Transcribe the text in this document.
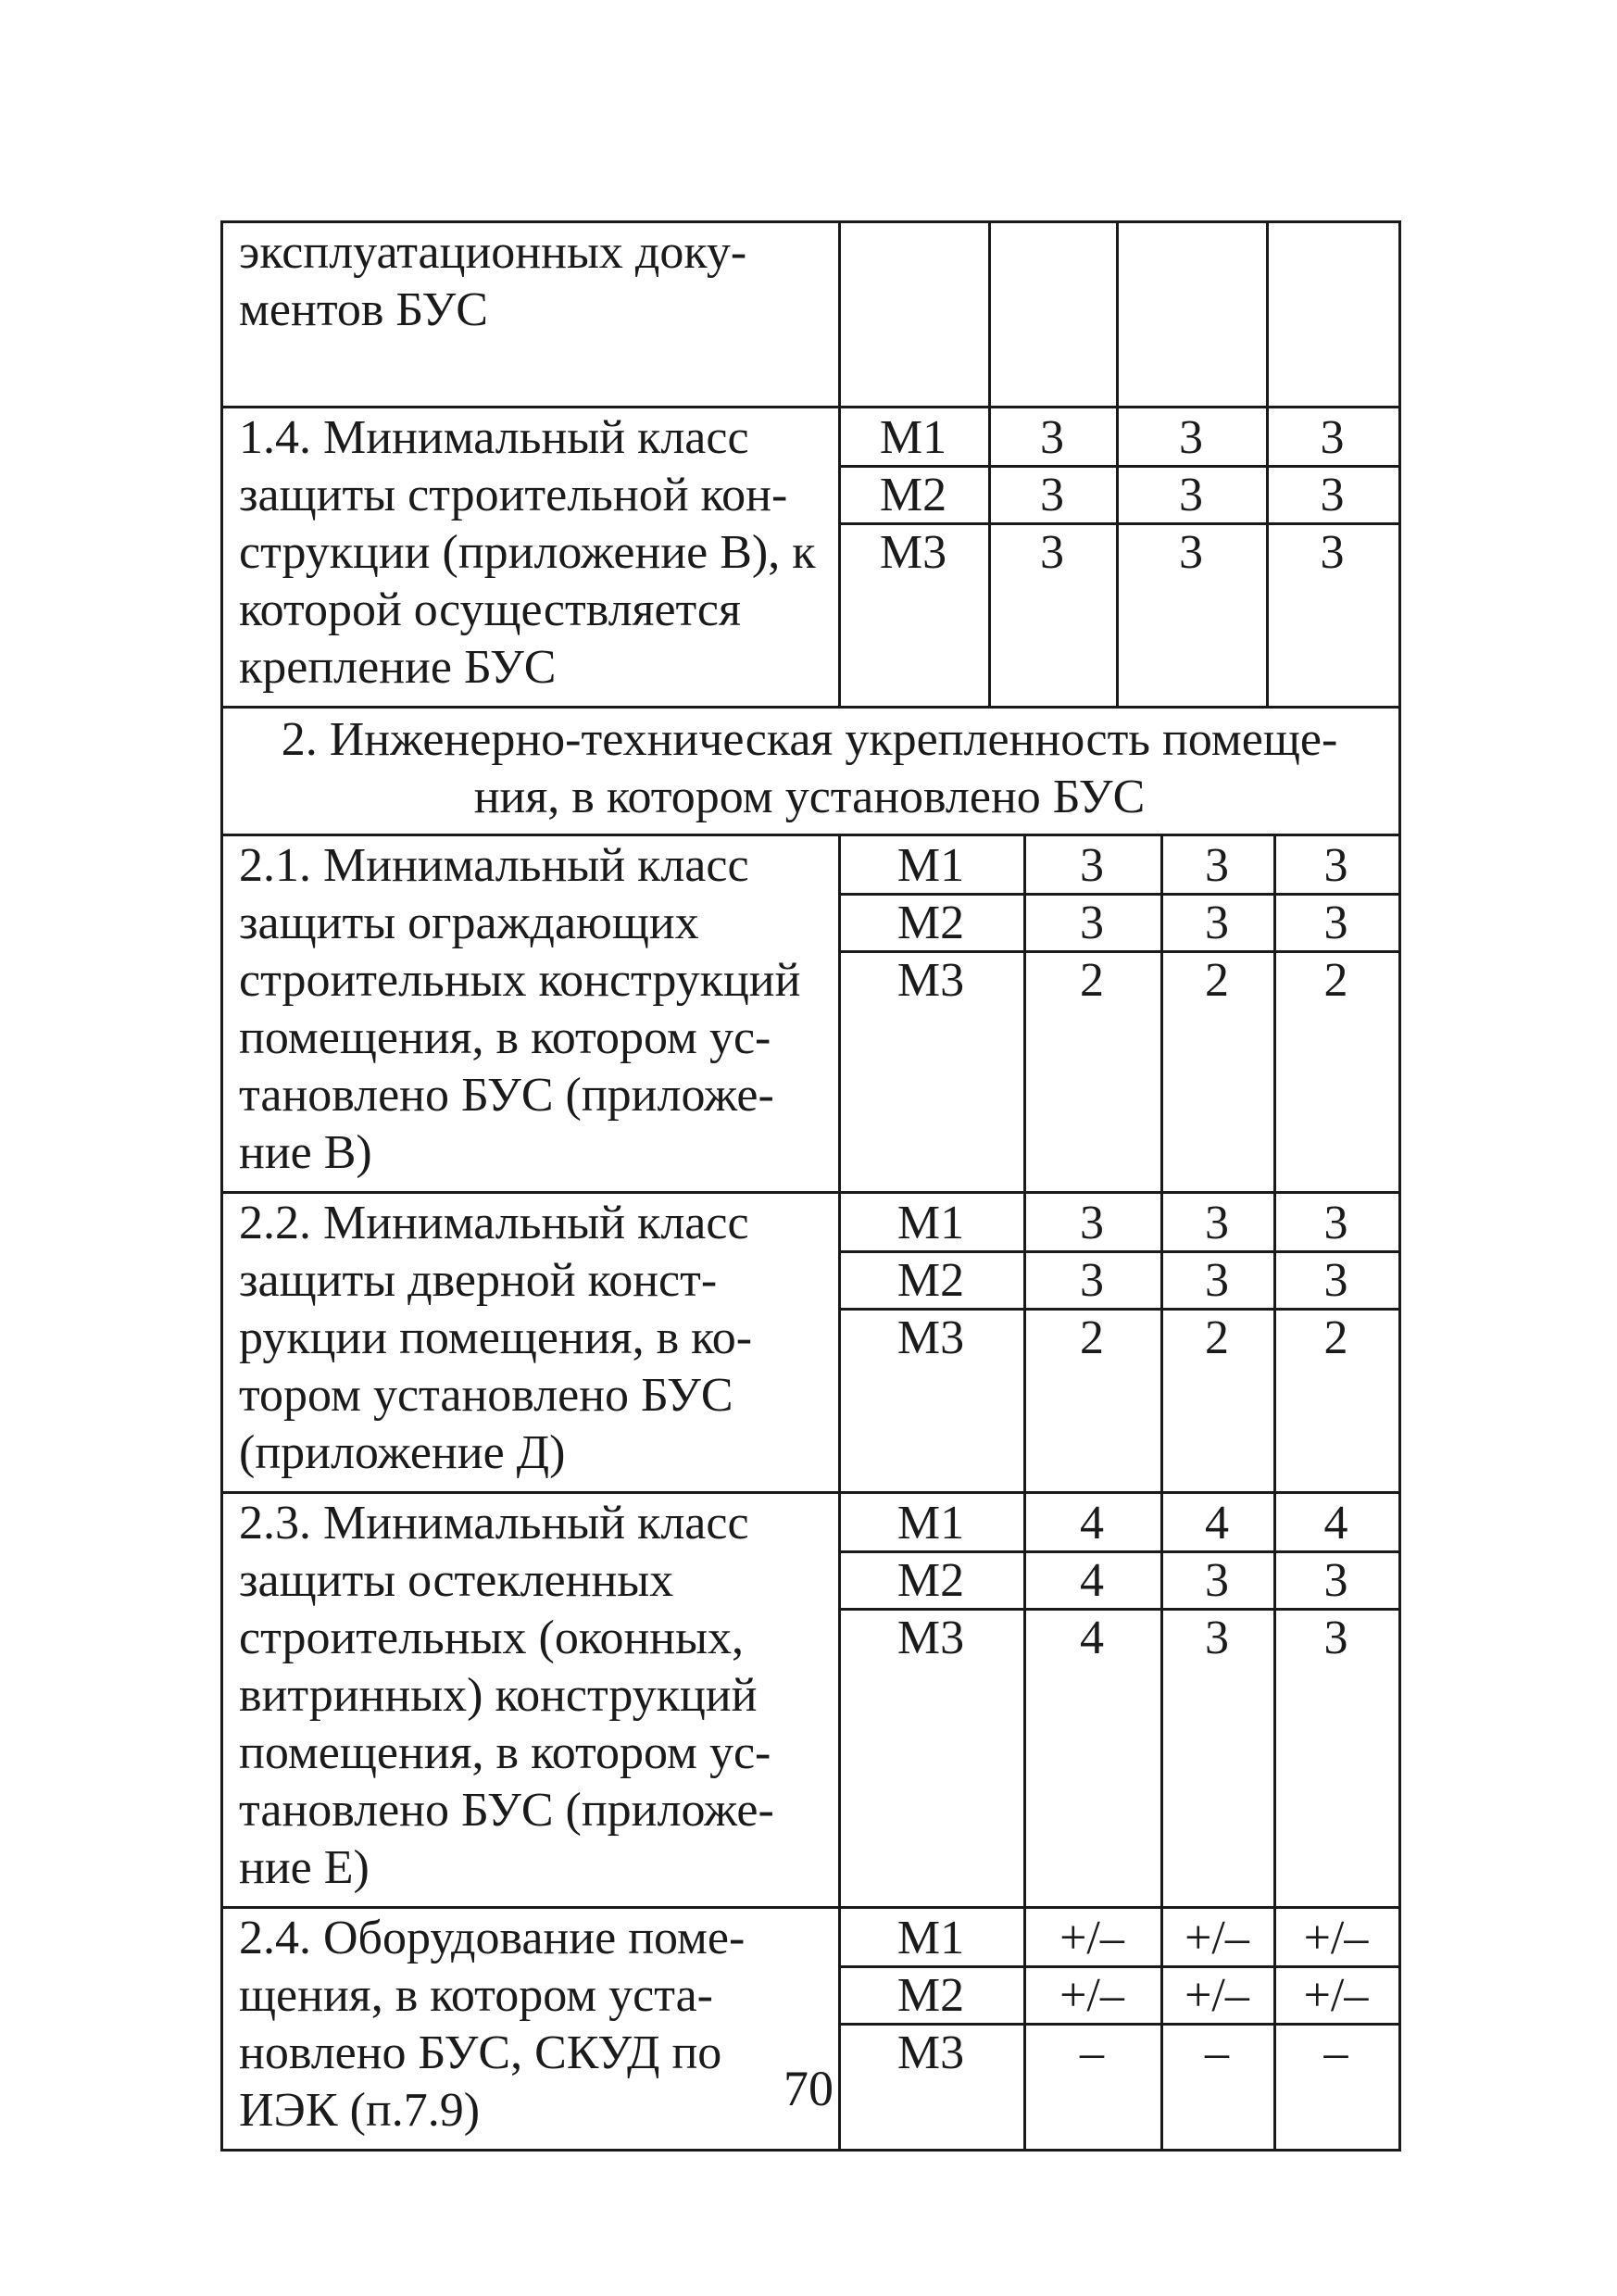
эксплуатационных доку-
ментов БУС
1.4. Минимальный класс
защиты строительной кон-
струкции (приложение В), к
которой осуществляется
крепление БУС
М1	3	3	3
М2	3	3	3
М3	3	3	3
2. Инженерно-техническая укрепленность помеще-
ния, в котором установлено БУС
2.1. Минимальный класс
защиты ограждающих
строительных конструкций
помещения, в котором ус-
тановлено БУС (приложе-
ние В)
М1	3	3	3
М2	3	3	3
М3	2	2	2
2.2. Минимальный класс
защиты дверной конст-
рукции помещения, в ко-
тором установлено БУС
(приложение Д)
М1	3	3	3
М2	3	3	3
М3	2	2	2
2.3. Минимальный класс
защиты остекленных
строительных (оконных,
витринных) конструкций
помещения, в котором ус-
тановлено БУС (приложе-
ние Е)
М1	4	4	4
М2	4	3	3
М3	4	3	3
2.4. Оборудование поме-
щения, в котором уста-
новлено БУС, СКУД по
ИЭК (п.7.9)
М1	+/–	+/–	+/–
М2	+/–	+/–	+/–
М3	–	–	–
70
